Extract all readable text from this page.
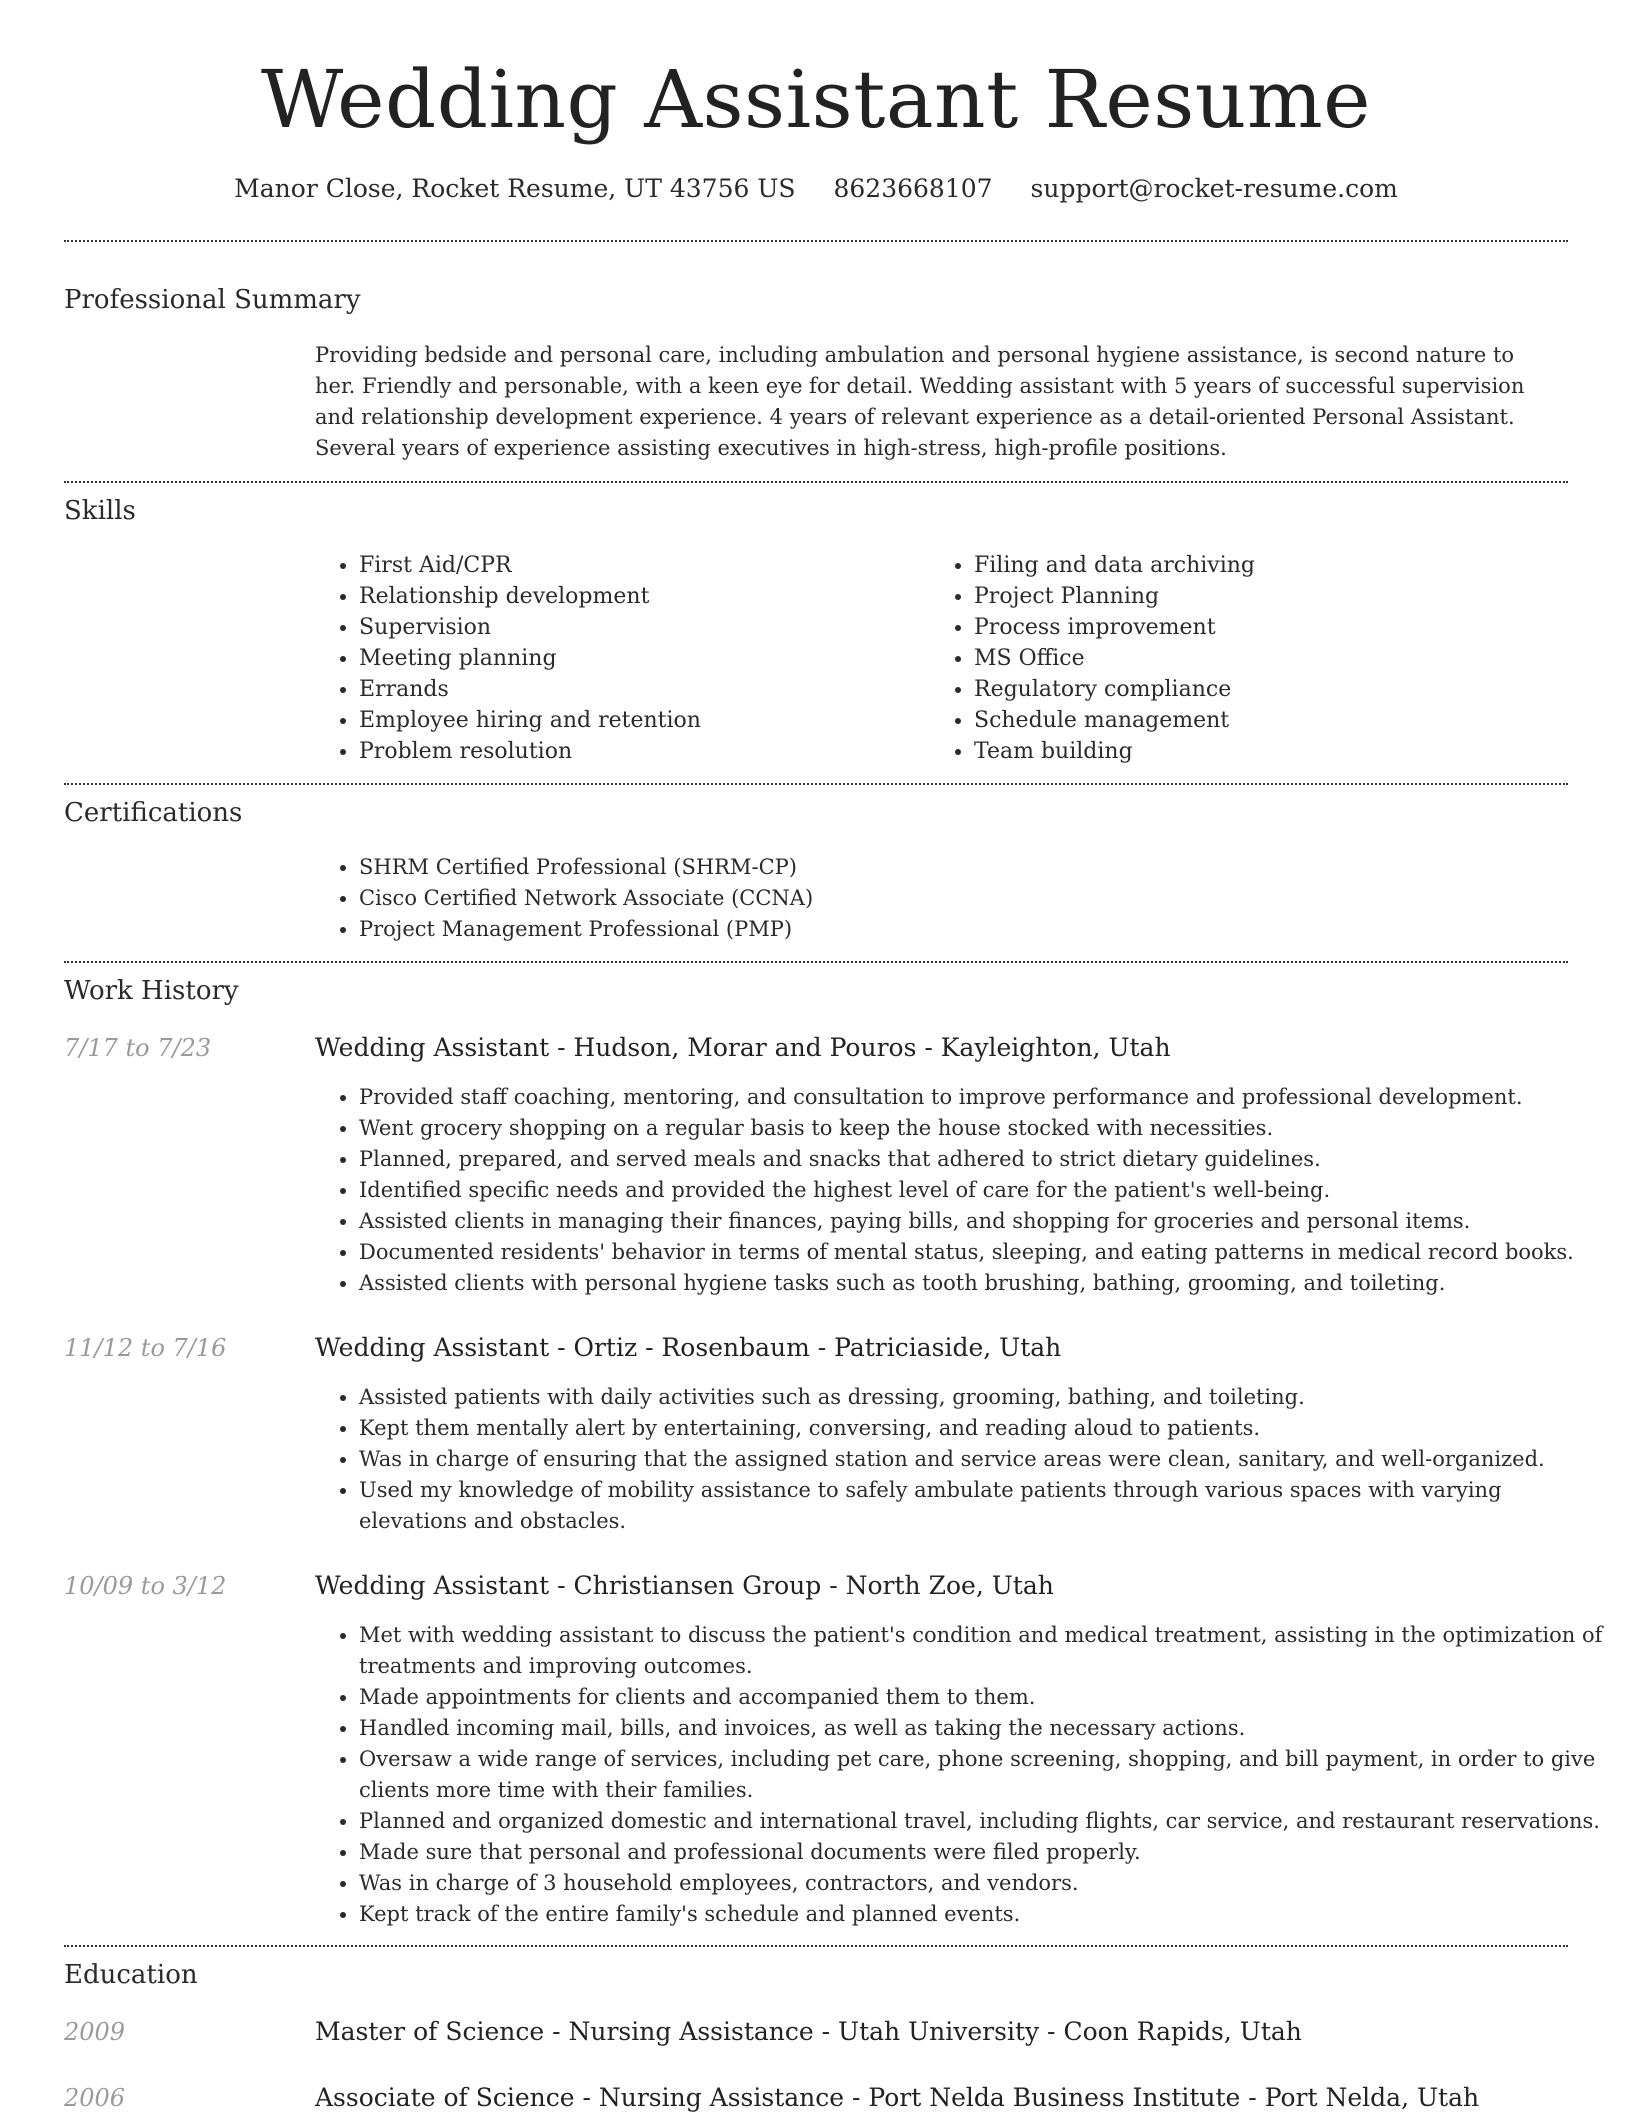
Wedding Assistant Resume
Manor Close, Rocket Resume, UT 43756 US 8623668107 support@rocket-resume.com
Professional Summary

Providing bedside and personal care, including ambulation and personal hygiene assistance, is second nature to her. Friendly and personable, with a keen eye for detail. Wedding assistant with 5 years of successful supervision and relationship development experience. 4 years of relevant experience as a detail-oriented Personal Assistant. Several years of experience assisting executives in high-stress, high-profile positions.

Skills
• First Aid/CPR
• Relationship development
• Supervision
• Meeting planning
• Errands
• Employee hiring and retention
• Problem resolution
• Filing and data archiving
• Project Planning
• Process improvement
• MS Office
• Regulatory compliance
• Schedule management
• Team building
Certifications
• SHRM Certified Professional (SHRM-CP)
• Cisco Certified Network Associate (CCNA)
• Project Management Professional (PMP)
Work History
7/17 to 7/23	Wedding Assistant - Hudson, Morar and Pouros - Kayleighton, Utah
• Provided staff coaching, mentoring, and consultation to improve performance and professional development.
• Went grocery shopping on a regular basis to keep the house stocked with necessities.
• Planned, prepared, and served meals and snacks that adhered to strict dietary guidelines.
• Identified specific needs and provided the highest level of care for the patient's well-being.
• Assisted clients in managing their finances, paying bills, and shopping for groceries and personal items.
• Documented residents' behavior in terms of mental status, sleeping, and eating patterns in medical record books.
• Assisted clients with personal hygiene tasks such as tooth brushing, bathing, grooming, and toileting.
11/12 to 7/16	Wedding Assistant - Ortiz - Rosenbaum - Patriciaside, Utah
• Assisted patients with daily activities such as dressing, grooming, bathing, and toileting.
• Kept them mentally alert by entertaining, conversing, and reading aloud to patients.
• Was in charge of ensuring that the assigned station and service areas were clean, sanitary, and well-organized.
• Used my knowledge of mobility assistance to safely ambulate patients through various spaces with varying elevations and obstacles.
10/09 to 3/12	Wedding Assistant - Christiansen Group - North Zoe, Utah
• Met with wedding assistant to discuss the patient's condition and medical treatment, assisting in the optimization of treatments and improving outcomes.
• Made appointments for clients and accompanied them to them.
• Handled incoming mail, bills, and invoices, as well as taking the necessary actions.
• Oversaw a wide range of services, including pet care, phone screening, shopping, and bill payment, in order to give clients more time with their families.
• Planned and organized domestic and international travel, including flights, car service, and restaurant reservations.
• Made sure that personal and professional documents were filed properly.
• Was in charge of 3 household employees, contractors, and vendors.
• Kept track of the entire family's schedule and planned events.
Education
2009	Master of Science - Nursing Assistance - Utah University - Coon Rapids, Utah
2006	Associate of Science - Nursing Assistance - Port Nelda Business Institute - Port Nelda, Utah
